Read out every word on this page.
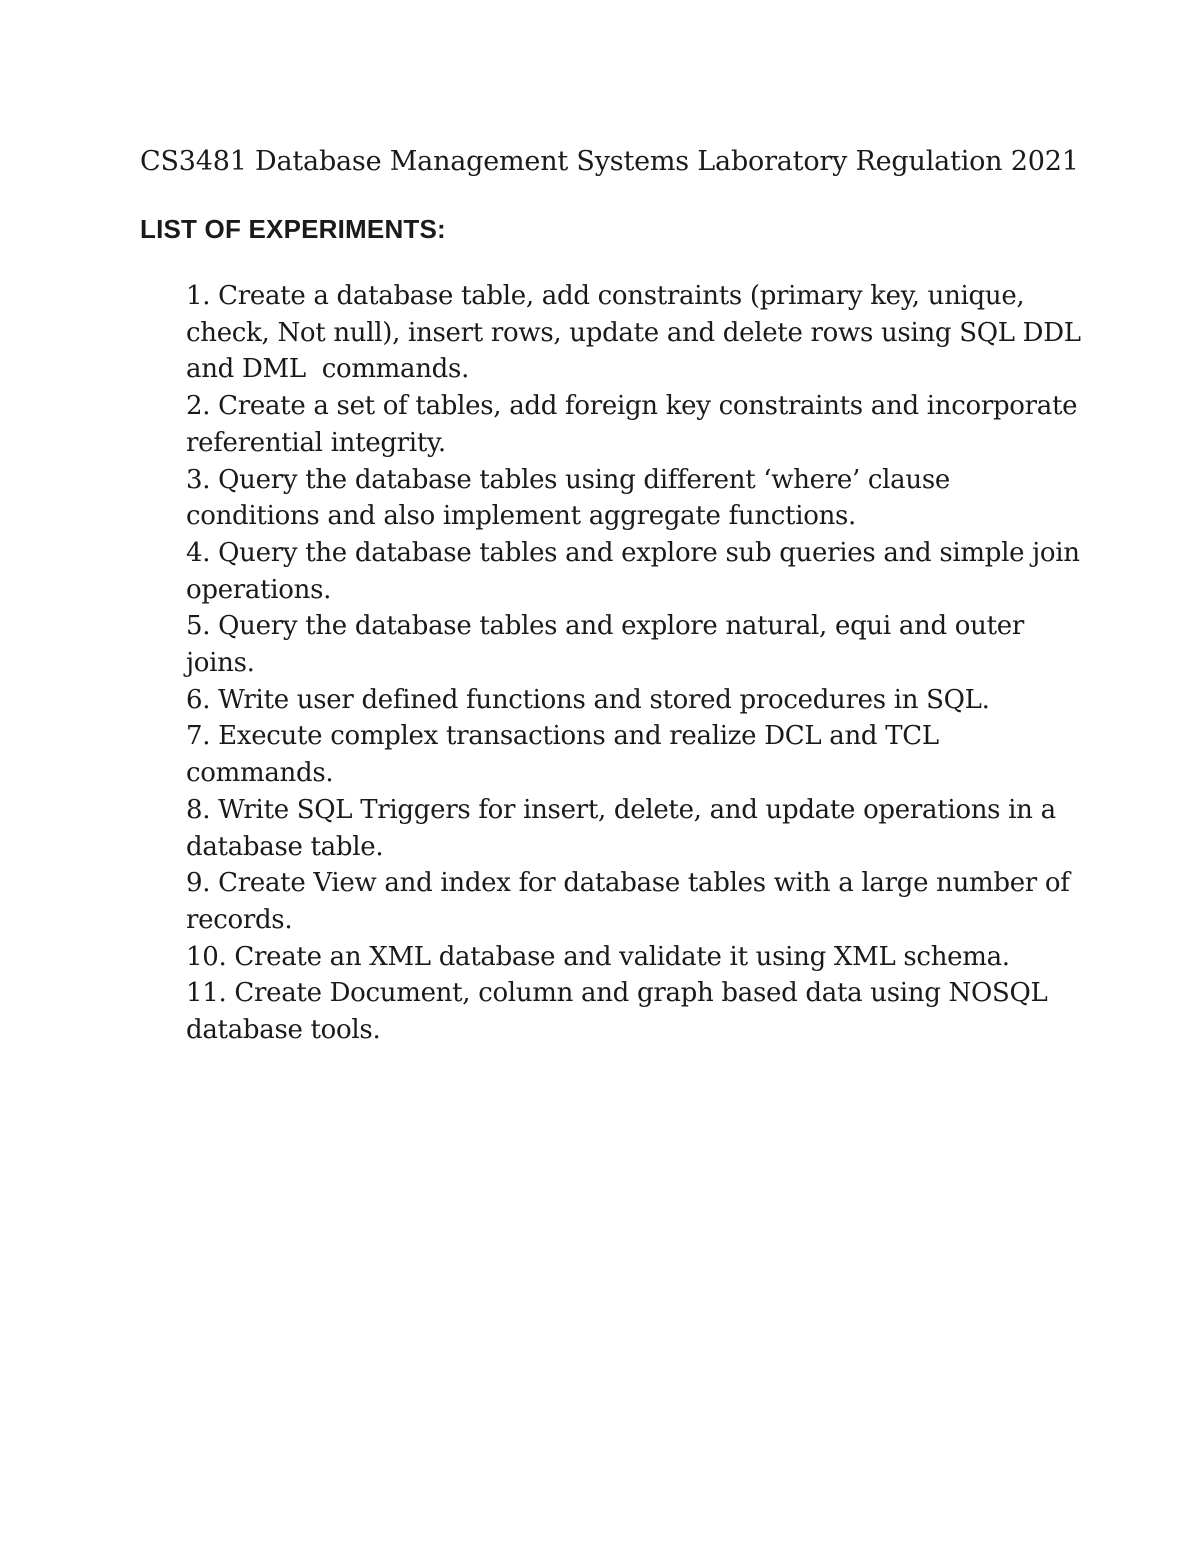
CS3481 Database Management Systems Laboratory Regulation 2021
LIST OF EXPERIMENTS:

1. Create a database table, add constraints (primary key, unique, check, Not null), insert rows, update and delete rows using SQL DDL and DML  commands.

2. Create a set of tables, add foreign key constraints and incorporate referential integrity.

3. Query the database tables using different ‘where’ clause conditions and also implement aggregate functions.

4. Query the database tables and explore sub queries and simple join operations.

5. Query the database tables and explore natural, equi and outer joins.

6. Write user defined functions and stored procedures in SQL.

7. Execute complex transactions and realize DCL and TCL commands.

8. Write SQL Triggers for insert, delete, and update operations in a database table.

9. Create View and index for database tables with a large number of records.

10. Create an XML database and validate it using XML schema.

11. Create Document, column and graph based data using NOSQL database tools.
